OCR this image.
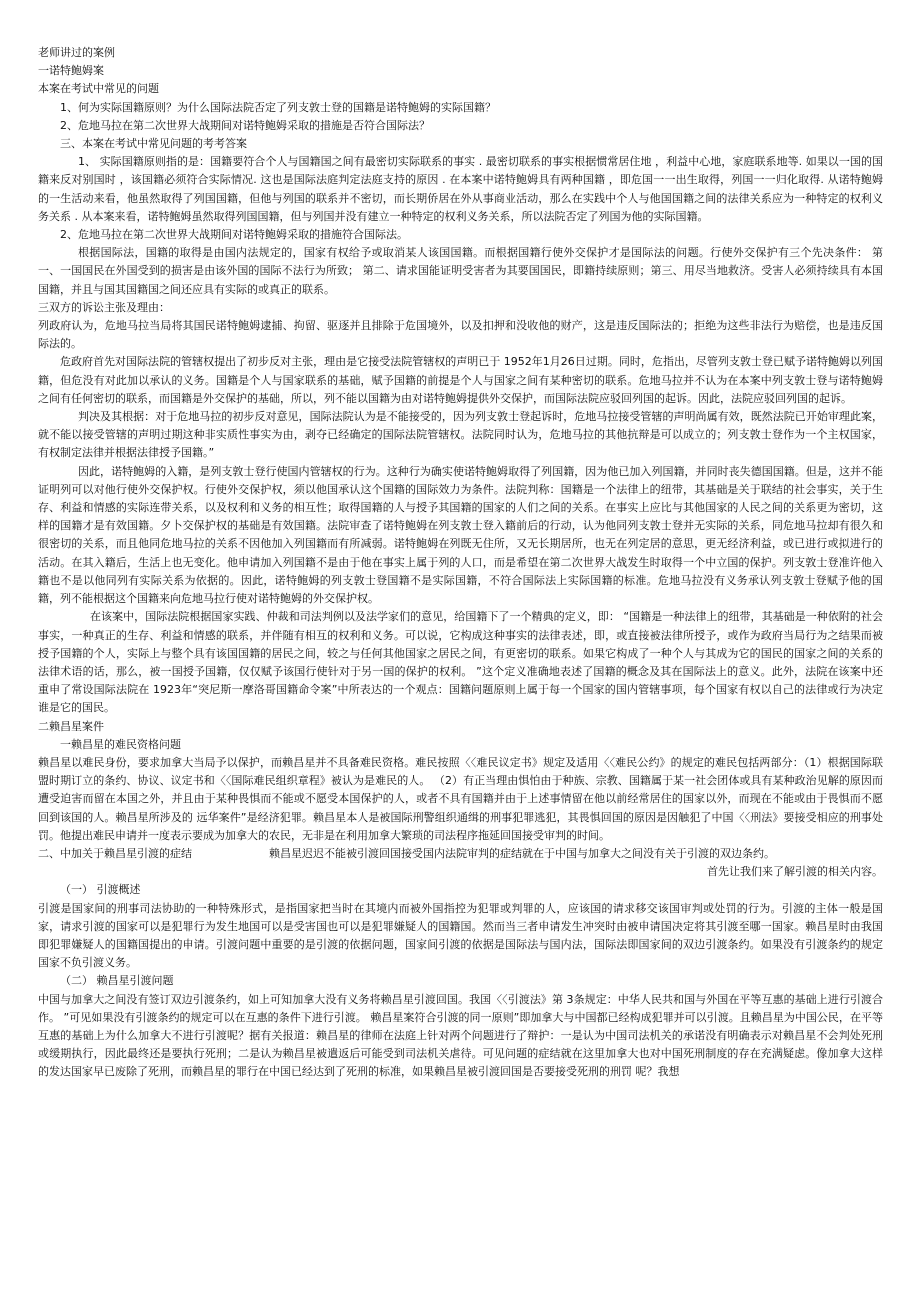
老师讲过的案例

一诺特鲍姆案

本案在考试中常见的问题

1、何为实际国籍原则？为什么国际法院否定了列支敦士登的国籍是诺特鲍姆的实际国籍？

2、危地马拉在第二次世界大战期间对诺特鲍姆采取的措施是否符合国际法？

三、本案在考试中常见问题的考考答案

1、 实际国籍原则指的是：国籍要符合个人与国籍国之间有最密切实际联系的事实 . 最密切联系的事实根据惯常居住地 ，利益中心地，家庭联系地等. 如果以一国的国籍来反对别国时 ，该国籍必须符合实际情况. 这也是国际法庭判定法庭支持的原因 . 在本案中诺特鲍姆具有两种国籍 ，即危国一一出生取得，列国一一归化取得. 从诺特鲍姆的一生活动来看，他虽然取得了列国国籍，但他与列国的联系并不密切，而长期侨居在外从事商业活动，那么在实践中个人与他国国籍之间的法律关系应为一种特定的权利义务关系 . 从本案来看，诺特鲍姆虽然取得列国国籍，但与列国并没有建立一种特定的权利义务关系，所以法院否定了列国为他的实际国籍。

2、危地马拉在第二次世界大战期间对诺特鲍姆采取的措施符合国际法。

根据国际法，国籍的取得是由国内法规定的，国家有权给予或取消某人该国国籍。而根据国籍行使外交保护才是国际法的问题。行使外交保护有三个先决条件： 第一、一国国民在外国受到的损害是由该外国的国际不法行为所致； 第二、请求国能证明受害者为其要国国民，即籍持续原则；第三、用尽当地救济。受害人必须持续具有本国国籍，并且与国其国籍国之间还应具有实际的或真正的联系。

三双方的诉讼主张及理由：

列政府认为，危地马拉当局将其国民诺特鲍姆逮捕、拘留、驱逐并且排除于危国境外，以及扣押和没收他的财产，这是违反国际法的；拒绝为这些非法行为赔偿，也是违反国际法的。

危政府首先对国际法院的管辖权提出了初步反对主张，理由是它接受法院管辖权的声明已于 1952年1月26日过期。同时，危指出，尽管列支敦士登已赋予诺特鲍姆以列国籍，但危没有对此加以承认的义务。国籍是个人与国家联系的基础，赋予国籍的前提是个人与国家之间有某种密切的联系。危地马拉并不认为在本案中列支敦士登与诺特鲍姆之间有任何密切的联系，而国籍是外交保护的基础，所以，列不能以国籍为由对诺特鲍姆提供外交保护，而国际法院应驳回列国的起诉。因此，法院应驳回列国的起诉。

判决及其根据：对于危地马拉的初步反对意见，国际法院认为是不能接受的，因为列支敦士登起诉时，危地马拉接受管辖的声明尚属有效，既然法院已开始审理此案，就不能以接受管辖的声明过期这种非实质性事实为由，剥夺已经确定的国际法院管辖权。法院同时认为，危地马拉的其他抗辩是可以成立的；列支敦士登作为一个主权国家，有权制定法律并根据法律授予国籍。”

因此，诺特鲍姆的入籍，是列支敦士登行使国内管辖权的行为。这种行为确实使诺特鲍姆取得了列国籍，因为他已加入列国籍，并同时丧失德国国籍。但是，这并不能证明列可以对他行使外交保护权。行使外交保护权，须以他国承认这个国籍的国际效力为条件。法院判称：国籍是一个法律上的纽带，其基础是关于联结的社会事实，关于生存、利益和情感的实际连带关系，以及权利和义务的相互性；取得国籍的人与授予其国籍的国家的人们之间的关系。在事实上应比与其他国家的人民之间的关系更为密切，这样的国籍才是有效国籍。夕卜交保护权的基础是有效国籍。法院审查了诺特鲍姆在列支敦士登入籍前后的行动，认为他同列支敦士登并无实际的关系，同危地马拉却有很久和很密切的关系，而且他同危地马拉的关系不因他加入列国籍而有所减弱。诺特鲍姆在列既无住所，又无长期居所，也无在列定居的意思，更无经济利益，或已进行或拟进行的活动。在其入籍后，生活上也无变化。他申请加入列国籍不是由于他在事实上属于列的人口，而是希望在第二次世界大战发生时取得一个中立国的保护。列支敦士登准许他入籍也不是以他同列有实际关系为依据的。因此，诺特鲍姆的列支敦士登国籍不是实际国籍，不符合国际法上实际国籍的标准。危地马拉没有义务承认列支敦士登赋予他的国籍，列不能根据这个国籍来向危地马拉行使对诺特鲍姆的外交保护权。

在该案中，国际法院根据国家实践、仲裁和司法判例以及法学家们的意见，给国籍下了一个精典的定义，即： “国籍是一种法律上的纽带，其基础是一种依附的社会事实，一种真正的生存、利益和情感的联系，并伴随有相互的权利和义务。可以说，它构成这种事实的法律表述，即，或直接被法律所授予，或作为政府当局行为之结果而被授予国籍的个人，实际上与整个具有该国国籍的居民之间，较之与任何其他国家之居民之间，有更密切的联系。如果它构成了一种个人与其成为它的国民的国家之间的关系的法律术语的话，那么，被一国授予国籍，仅仅赋予该国行使针对于另一国的保护的权利。 ”这个定义准确地表述了国籍的概念及其在国际法上的意义。此外，法院在该案中还重申了常设国际法院在 1923年“突尼斯一摩洛哥国籍命令案”中所表达的一个观点：国籍问题原则上属于每一个国家的国内管辖事项，每个国家有权以自己的法律或行为决定谁是它的国民。

二赖昌星案件

一赖昌星的难民资格问题

赖昌星以难民身份，要求加拿大当局予以保护，而赖昌星并不具备难民资格。难民按照〈〈难民议定书》规定及适用〈〈难民公约》的规定的难民包括两部分：（1）根据国际联盟时期订立的条约、协议、议定书和〈〈国际难民组织章程》被认为是难民的人。 （2）有正当理由惧怕由于种族、宗教、国籍属于某一社会团体或具有某种政治见解的原因而遭受迫害而留在本国之外，并且由于某种畏惧而不能或不愿受本国保护的人，或者不具有国籍并由于上述事情留在他以前经常居住的国家以外，而现在不能或由于畏惧而不愿回到该国的人。赖昌星所涉及的 远华案件”是经济犯罪。赖昌星本人是被国际刑警组织通缉的刑事犯罪逃犯，其畏惧回国的原因是因触犯了中国〈〈刑法》要接受相应的刑事处罚。他提出难民申请并一度表示要成为加拿大的农民，无非是在利用加拿大繁琐的司法程序拖延回国接受审判的时间。

二、中加关于赖昌星引渡的症结　　　　　　　	赖昌星迟迟不能被引渡回国接受国内法院审判的症结就在于中国与加拿大之间没有关于引渡的双边条约。

首先让我们来了解引渡的相关内容。

（一） 引渡概述

引渡是国家间的刑事司法协助的一种特殊形式，是指国家把当时在其境内而被外国指控为犯罪或判罪的人，应该国的请求移交该国审判或处罚的行为。引渡的主体一般是国家，请求引渡的国家可以是犯罪行为发生地国可以是受害国也可以是犯罪嫌疑人的国籍国。然而当三者申请发生冲突时由被申请国决定将其引渡至哪一国家。赖昌星时由我国即犯罪嫌疑人的国籍国提出的申请。引渡问题中重要的是引渡的依据问题，国家间引渡的依据是国际法与国内法，国际法即国家间的双边引渡条约。如果没有引渡条约的规定国家不负引渡义务。

（二） 赖昌星引渡问题

中国与加拿大之间没有签订双边引渡条约，如上可知加拿大没有义务将赖昌星引渡回国。我国〈〈引渡法》第 3条规定：中华人民共和国与外国在平等互惠的基础上进行引渡合作。 ”可见如果没有引渡条约的规定可以在互惠的条件下进行引渡。 赖昌星案符合引渡的同一原则”即加拿大与中国都已经构成犯罪并可以引渡。且赖昌星为中国公民，在平等互惠的基础上为什么加拿大不进行引渡呢？据有关报道：赖昌星的律师在法庭上针对两个问题进行了辩护：一是认为中国司法机关的承诺没有明确表示对赖昌星不会判处死刑或缓期执行，因此最终还是要执行死刑；二是认为赖昌星被遣返后可能受到司法机关虐待。可见问题的症结就在这里加拿大也对中国死刑制度的存在充满疑虑。像加拿大这样的发达国家早已废除了死刑，而赖昌星的罪行在中国已经达到了死刑的标准，如果赖昌星被引渡回国是否要接受死刑的刑罚 呢？我想
